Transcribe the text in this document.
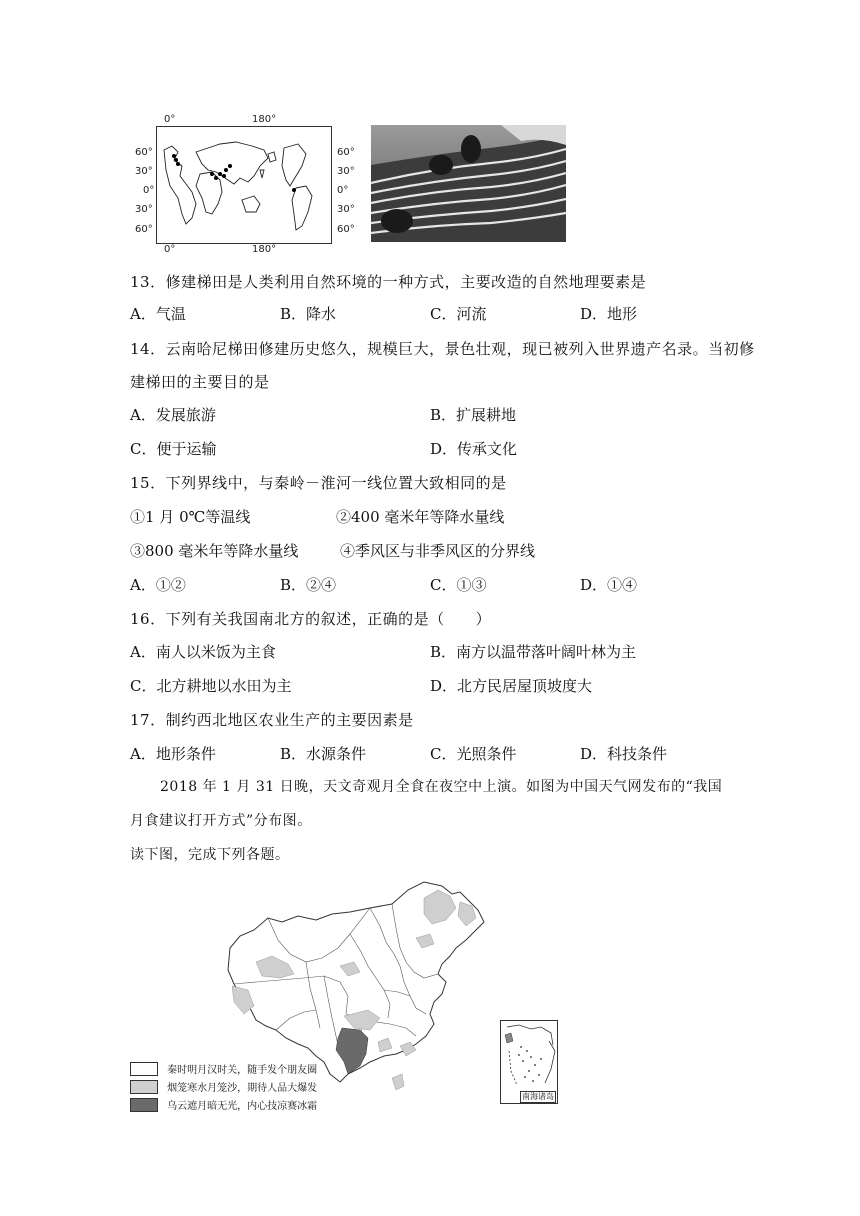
0°	180°
60°
30°
0°
30°
60°
60°
30°
0°
30°
60°
0°	180°
13．修建梯田是人类利用自然环境的一种方式，主要改造的自然地理要素是
A．气温	B．降水	C．河流	D．地形
14．云南哈尼梯田修建历史悠久，规模巨大，景色壮观，现已被列入世界遗产名录。当初修
建梯田的主要目的是
A．发展旅游	B．扩展耕地
C．便于运输	D．传承文化
15．下列界线中，与秦岭－淮河一线位置大致相同的是
①1 月 0℃等温线	②400 毫米年等降水量线
③800 毫米年等降水量线	④季风区与非季风区的分界线
A．①②	B．②④	C．①③	D．①④
16．下列有关我国南北方的叙述，正确的是（　　）
A．南人以米饭为主食	B．南方以温带落叶阔叶林为主
C．北方耕地以水田为主	D．北方民居屋顶坡度大
17．制约西北地区农业生产的主要因素是
A．地形条件	B．水源条件	C．光照条件	D．科技条件
2018 年 1 月 31 日晚，天文奇观月全食在夜空中上演。如图为中国天气网发布的“我国
月食建议打开方式”分布图。
读下图，完成下列各题。
秦时明月汉时关，随手发个朋友圈
烟笼寒水月笼沙，期待人品大爆发
乌云遮月暗无光，内心技凉赛冰霜
南海诸岛
